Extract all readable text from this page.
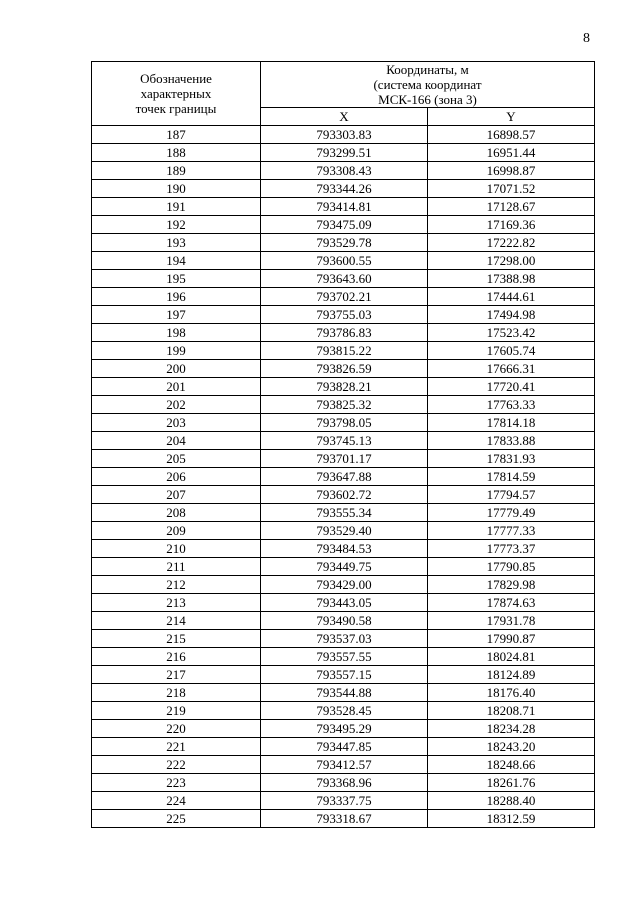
8
Обозначение
характерных
точек границы	Координаты, м
(система координат
МСК-166 (зона 3)	

	X	Y
187	793303.83	16898.57
188	793299.51	16951.44
189	793308.43	16998.87
190	793344.26	17071.52
191	793414.81	17128.67
192	793475.09	17169.36
193	793529.78	17222.82
194	793600.55	17298.00
195	793643.60	17388.98
196	793702.21	17444.61
197	793755.03	17494.98
198	793786.83	17523.42
199	793815.22	17605.74
200	793826.59	17666.31
201	793828.21	17720.41
202	793825.32	17763.33
203	793798.05	17814.18
204	793745.13	17833.88
205	793701.17	17831.93
206	793647.88	17814.59
207	793602.72	17794.57
208	793555.34	17779.49
209	793529.40	17777.33
210	793484.53	17773.37
211	793449.75	17790.85
212	793429.00	17829.98
213	793443.05	17874.63
214	793490.58	17931.78
215	793537.03	17990.87
216	793557.55	18024.81
217	793557.15	18124.89
218	793544.88	18176.40
219	793528.45	18208.71
220	793495.29	18234.28
221	793447.85	18243.20
222	793412.57	18248.66
223	793368.96	18261.76
224	793337.75	18288.40
225	793318.67	18312.59
